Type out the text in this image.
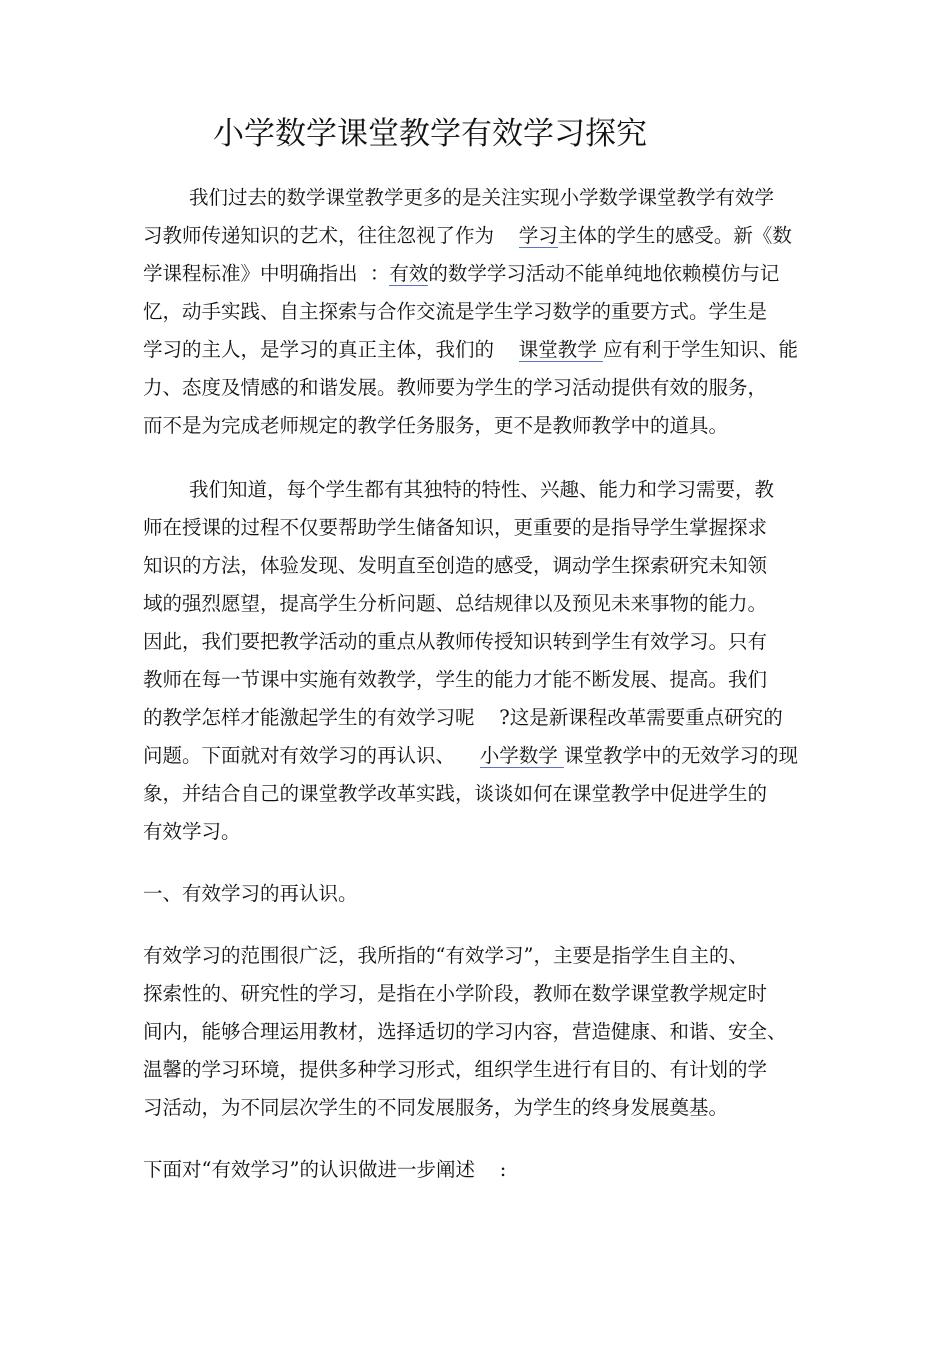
小学数学课堂教学有效学习探究
我们过去的数学课堂教学更多的是关注实现小学数学课堂教学有效学
习教师传递知识的艺术，往往忽视了作为    学习主体的学生的感受。新《数
学课程标准》中明确指出  ：有效的数学学习活动不能单纯地依赖模仿与记
忆，动手实践、自主探索与合作交流是学生学习数学的重要方式。学生是
学习的主人，是学习的真正主体，我们的    课堂教学 应有利于学生知识、能
力、态度及情感的和谐发展。教师要为学生的学习活动提供有效的服务，
而不是为完成老师规定的教学任务服务，更不是教师教学中的道具。
我们知道，每个学生都有其独特的特性、兴趣、能力和学习需要，教
师在授课的过程不仅要帮助学生储备知识，更重要的是指导学生掌握探求
知识的方法，体验发现、发明直至创造的感受，调动学生探索研究未知领
域的强烈愿望，提高学生分析问题、总结规律以及预见未来事物的能力。
因此，我们要把教学活动的重点从教师传授知识转到学生有效学习。只有
教师在每一节课中实施有效教学，学生的能力才能不断发展、提高。我们
的教学怎样才能激起学生的有效学习呢    ?这是新课程改革需要重点研究的
问题。下面就对有效学习的再认识、    小学数学 课堂教学中的无效学习的现
象，并结合自己的课堂教学改革实践，谈谈如何在课堂教学中促进学生的
有效学习。
一、有效学习的再认识。
有效学习的范围很广泛，我所指的“有效学习”，主要是指学生自主的、
探索性的、研究性的学习，是指在小学阶段，教师在数学课堂教学规定时
间内，能够合理运用教材，选择适切的学习内容，营造健康、和谐、安全、
温馨的学习环境，提供多种学习形式，组织学生进行有目的、有计划的学
习活动，为不同层次学生的不同发展服务，为学生的终身发展奠基。
下面对“有效学习”的认识做进一步阐述    :
